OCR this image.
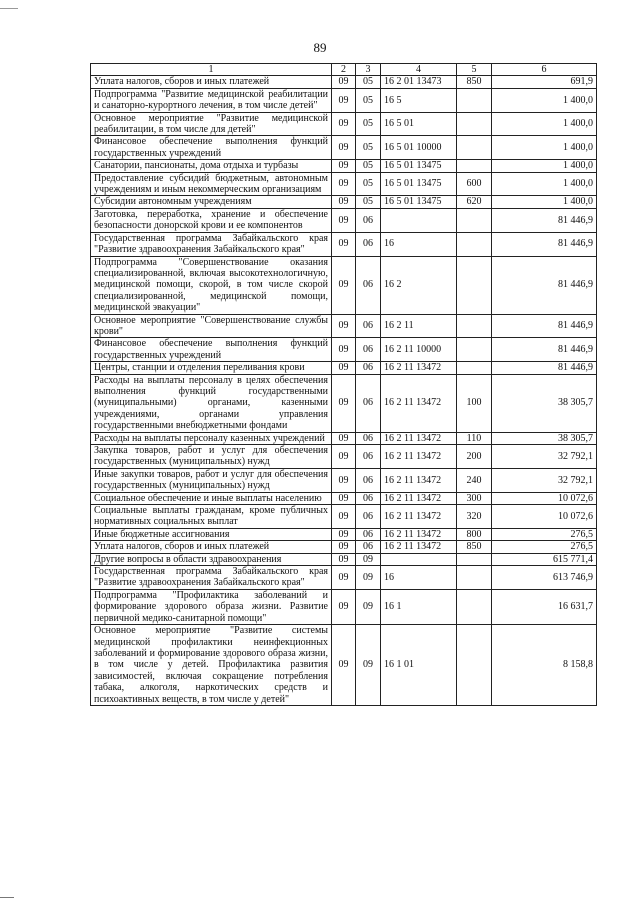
89
1	2	3	4	5	6
Уплата налогов, сборов и иных платежей	09	05	16 2 01 13473	850	691,9
Подпрограмма "Развитие медицинской реабилитации и санаторно-курортного лечения, в том числе детей"	09	05	16 5		1 400,0
Основное мероприятие "Развитие медицинской реабилитации, в том числе для детей"	09	05	16 5 01		1 400,0
Финансовое обеспечение выполнения функций государственных учреждений	09	05	16 5 01 10000		1 400,0
Санатории, пансионаты, дома отдыха и турбазы	09	05	16 5 01 13475		1 400,0
Предоставление субсидий бюджетным, автономным учреждениям и иным некоммерческим организациям	09	05	16 5 01 13475	600	1 400,0
Субсидии автономным учреждениям	09	05	16 5 01 13475	620	1 400,0
Заготовка, переработка, хранение и обеспечение безопасности донорской крови и ее компонентов	09	06			81 446,9
Государственная программа Забайкальского края "Развитие здравоохранения Забайкальского края"	09	06	16		81 446,9
Подпрограмма "Совершенствование оказания специализированной, включая высокотехнологичную, медицинской помощи, скорой, в том числе скорой специализированной, медицинской помощи, медицинской эвакуации"	09	06	16 2		81 446,9
Основное мероприятие "Совершенствование службы крови"	09	06	16 2 11		81 446,9
Финансовое обеспечение выполнения функций государственных учреждений	09	06	16 2 11 10000		81 446,9
Центры, станции и отделения переливания крови	09	06	16 2 11 13472		81 446,9
Расходы на выплаты персоналу в целях обеспечения выполнения функций государственными (муниципальными) органами, казенными учреждениями, органами управления государственными внебюджетными фондами	09	06	16 2 11 13472	100	38 305,7
Расходы на выплаты персоналу казенных учреждений	09	06	16 2 11 13472	110	38 305,7
Закупка товаров, работ и услуг для обеспечения государственных (муниципальных) нужд	09	06	16 2 11 13472	200	32 792,1
Иные закупки товаров, работ и услуг для обеспечения государственных (муниципальных) нужд	09	06	16 2 11 13472	240	32 792,1
Социальное обеспечение и иные выплаты населению	09	06	16 2 11 13472	300	10 072,6
Социальные выплаты гражданам, кроме публичных нормативных социальных выплат	09	06	16 2 11 13472	320	10 072,6
Иные бюджетные ассигнования	09	06	16 2 11 13472	800	276,5
Уплата налогов, сборов и иных платежей	09	06	16 2 11 13472	850	276,5
Другие вопросы в области здравоохранения	09	09			615 771,4
Государственная программа Забайкальского края "Развитие здравоохранения Забайкальского края"	09	09	16		613 746,9
Подпрограмма "Профилактика заболеваний и формирование здорового образа жизни. Развитие первичной медико-санитарной помощи"	09	09	16 1		16 631,7
Основное мероприятие "Развитие системы медицинской профилактики неинфекционных заболеваний и формирование здорового образа жизни, в том числе у детей. Профилактика развития зависимостей, включая сокращение потребления табака, алкоголя, наркотических средств и психоактивных веществ, в том числе у детей"	09	09	16 1 01		8 158,8
